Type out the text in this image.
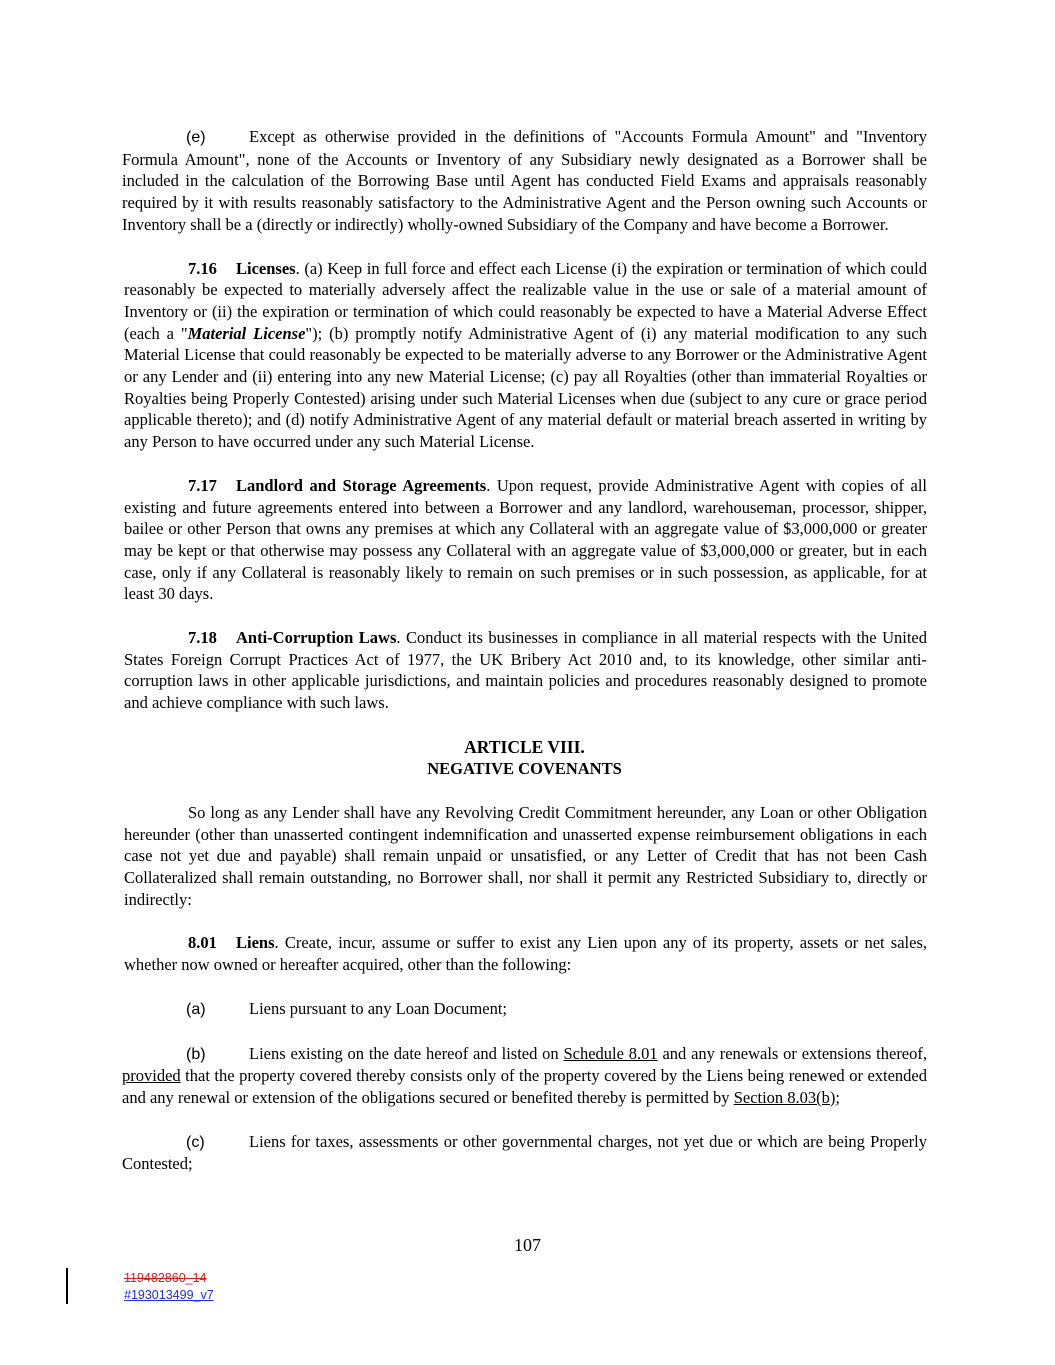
(e)	Except as otherwise provided in the definitions of "Accounts Formula Amount" and "Inventory Formula Amount", none of the Accounts or Inventory of any Subsidiary newly designated as a Borrower shall be included in the calculation of the Borrowing Base until Agent has conducted Field Exams and appraisals reasonably required by it with results reasonably satisfactory to the Administrative Agent and the Person owning such Accounts or Inventory shall be a (directly or indirectly) wholly-owned Subsidiary of the Company and have become a Borrower.

7.16 Licenses. (a) Keep in full force and effect each License (i) the expiration or termination of which could reasonably be expected to materially adversely affect the realizable value in the use or sale of a material amount of Inventory or (ii) the expiration or termination of which could reasonably be expected to have a Material Adverse Effect (each a "Material License"); (b) promptly notify Administrative Agent of (i) any material modification to any such Material License that could reasonably be expected to be materially adverse to any Borrower or the Administrative Agent or any Lender and (ii) entering into any new Material License; (c) pay all Royalties (other than immaterial Royalties or Royalties being Properly Contested) arising under such Material Licenses when due (subject to any cure or grace period applicable thereto); and (d) notify Administrative Agent of any material default or material breach asserted in writing by any Person to have occurred under any such Material License.

7.17 Landlord and Storage Agreements. Upon request, provide Administrative Agent with copies of all existing and future agreements entered into between a Borrower and any landlord, warehouseman, processor, shipper, bailee or other Person that owns any premises at which any Collateral with an aggregate value of $3,000,000 or greater may be kept or that otherwise may possess any Collateral with an aggregate value of $3,000,000 or greater, but in each case, only if any Collateral is reasonably likely to remain on such premises or in such possession, as applicable, for at least 30 days.

7.18 Anti-Corruption Laws. Conduct its businesses in compliance in all material respects with the United States Foreign Corrupt Practices Act of 1977, the UK Bribery Act 2010 and, to its knowledge, other similar anti-corruption laws in other applicable jurisdictions, and maintain policies and procedures reasonably designed to promote and achieve compliance with such laws.

ARTICLE VIII.
NEGATIVE COVENANTS

So long as any Lender shall have any Revolving Credit Commitment hereunder, any Loan or other Obligation hereunder (other than unasserted contingent indemnification and unasserted expense reimbursement obligations in each case not yet due and payable) shall remain unpaid or unsatisfied, or any Letter of Credit that has not been Cash Collateralized shall remain outstanding, no Borrower shall, nor shall it permit any Restricted Subsidiary to, directly or indirectly:

8.01 Liens. Create, incur, assume or suffer to exist any Lien upon any of its property, assets or net sales, whether now owned or hereafter acquired, other than the following:

(a)	Liens pursuant to any Loan Document;

(b)	Liens existing on the date hereof and listed on Schedule 8.01 and any renewals or extensions thereof, provided that the property covered thereby consists only of the property covered by the Liens being renewed or extended and any renewal or extension of the obligations secured or benefited thereby is permitted by Section 8.03(b);

(c)	Liens for taxes, assessments or other governmental charges, not yet due or which are being Properly Contested;

107
119482860_14
#193013499_v7
